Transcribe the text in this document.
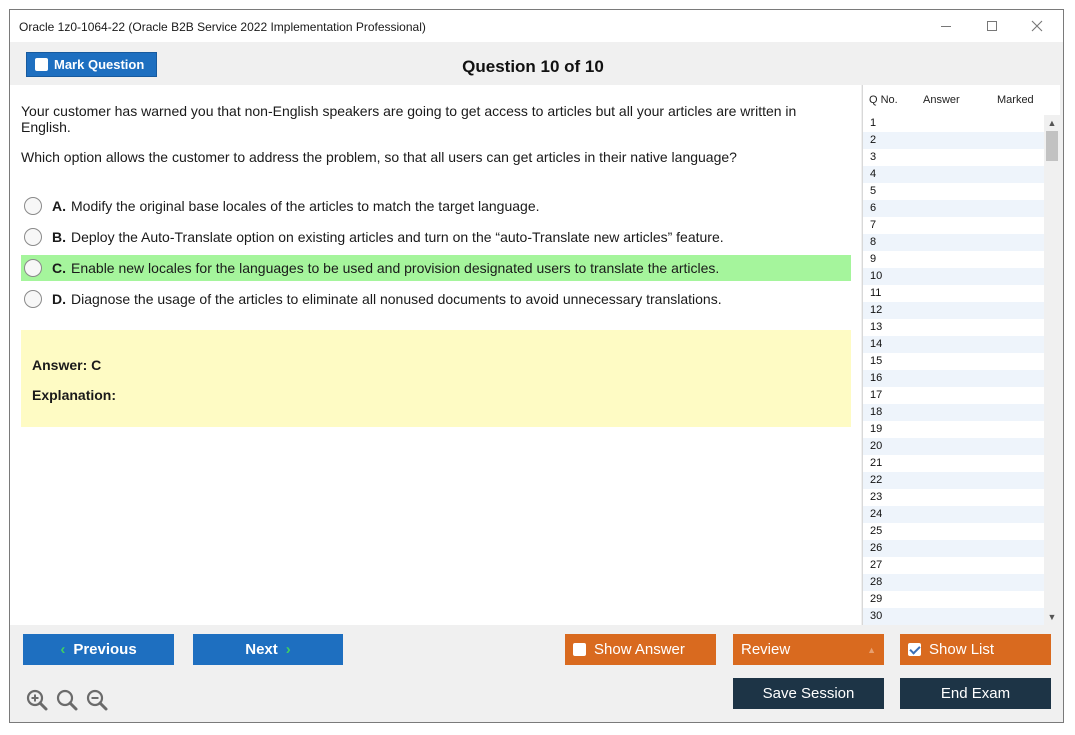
Oracle 1z0-1064-22 (Oracle B2B Service 2022 Implementation Professional)
Mark Question	Question 10 of 10
Your customer has warned you that non-English speakers are going to get access to articles but all your articles are written in English.
Which option allows the customer to address the problem, so that all users can get articles in their native language?
A. Modify the original base locales of the articles to match the target language.
B. Deploy the Auto-Translate option on existing articles and turn on the “auto-Translate new articles” feature.
C. Enable new locales for the languages to be used and provision designated users to translate the articles.
D. Diagnose the usage of the articles to eliminate all nonused documents to avoid unnecessary translations.
Answer: C
Explanation:
Q No. Answer	Marked
1
2
3
4
5
6
7
8
9
10
11
12
13
14
15
16
17
18
19
20
21
22
23
24
25
26
27
28
29
30
▲
▼
‹ Previous	Next ›	Show Answer	Review	▲	Show List
Save Session	End Exam
